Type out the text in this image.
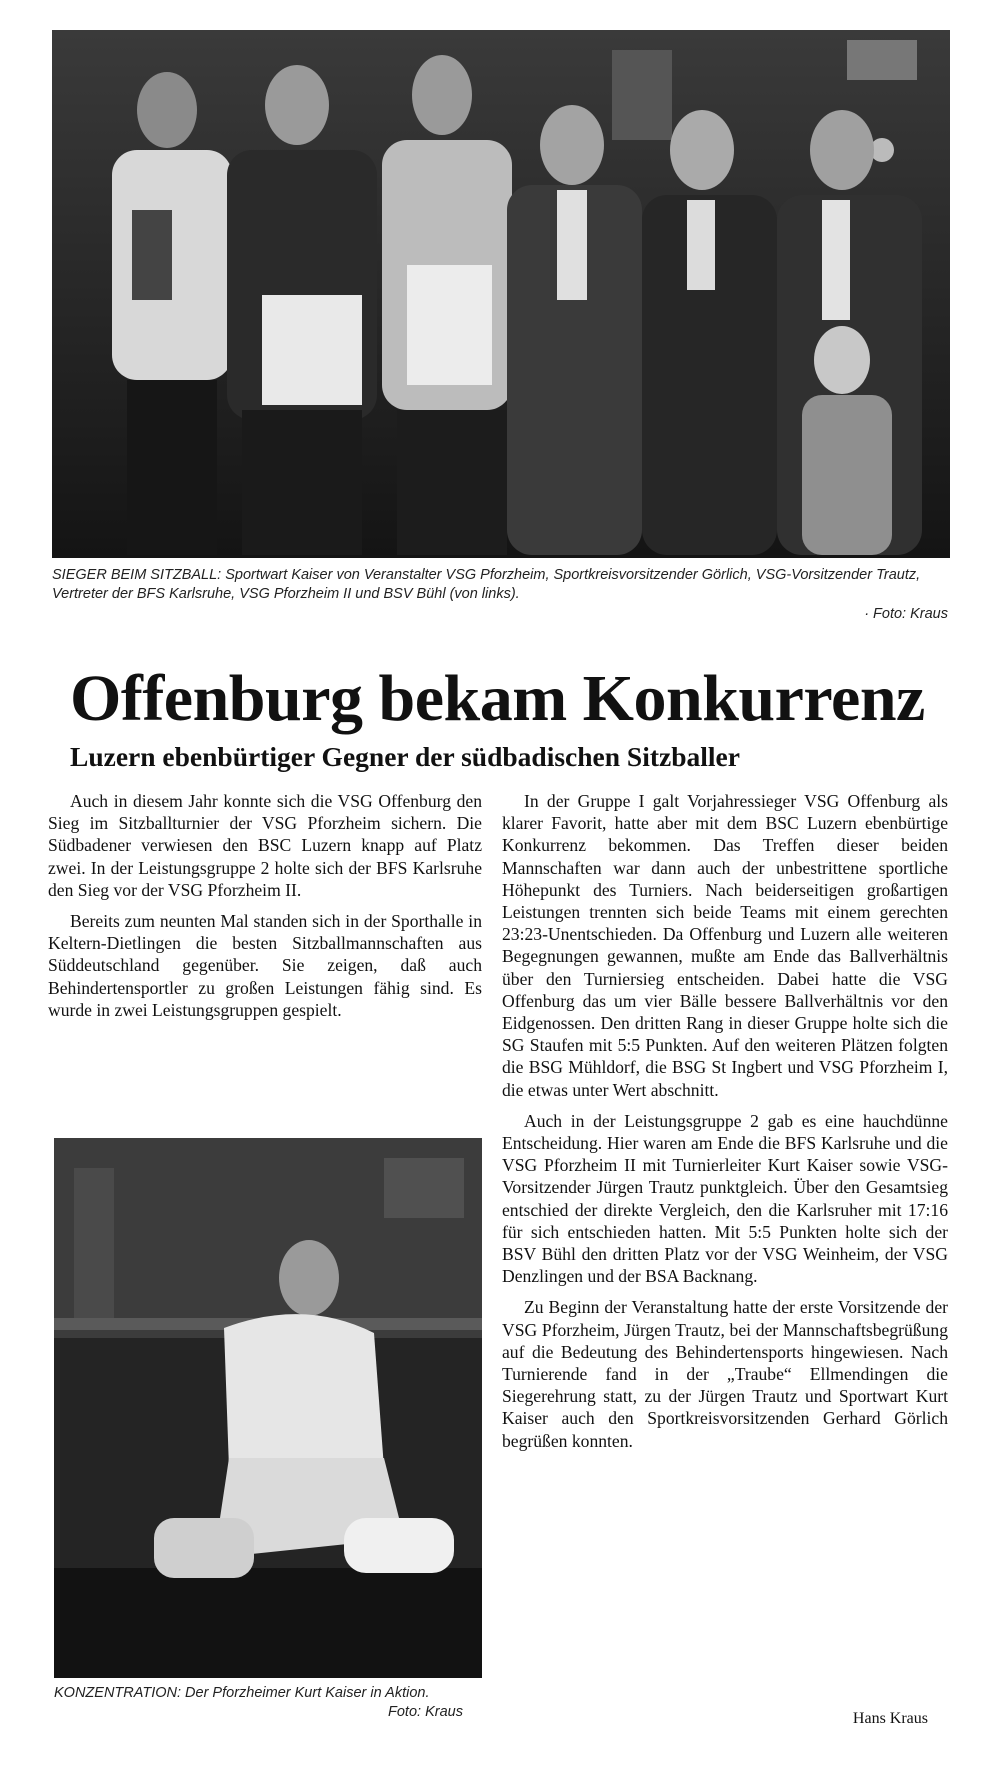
SIEGER BEIM SITZBALL: Sportwart Kaiser von Veranstalter VSG Pforzheim, Sportkreisvorsitzender Görlich, VSG-Vorsitzender Trautz, Vertreter der BFS Karlsruhe, VSG Pforzheim II und BSV Bühl (von links).
· Foto: Kraus
Offenburg bekam Konkurrenz
Luzern ebenbürtiger Gegner der südbadischen Sitzballer

Auch in diesem Jahr konnte sich die VSG Offenburg den Sieg im Sitzballturnier der VSG Pforzheim sichern. Die Südbadener verwiesen den BSC Luzern knapp auf Platz zwei. In der Leistungsgruppe 2 holte sich der BFS Karlsruhe den Sieg vor der VSG Pforzheim II.

Bereits zum neunten Mal standen sich in der Sporthalle in Keltern-Dietlingen die besten Sitzballmannschaften aus Süddeutschland gegenüber. Sie zeigen, daß auch Behindertensportler zu großen Leistungen fähig sind. Es wurde in zwei Leistungsgruppen gespielt.

KONZENTRATION: Der Pforzheimer Kurt Kaiser in Aktion.
Foto: Kraus

In der Gruppe I galt Vorjahressieger VSG Offenburg als klarer Favorit, hatte aber mit dem BSC Luzern ebenbürtige Konkurrenz bekommen. Das Treffen dieser beiden Mannschaften war dann auch der unbestrittene sportliche Höhepunkt des Turniers. Nach beiderseitigen großartigen Leistungen trennten sich beide Teams mit einem gerechten 23:23-Unentschieden. Da Offenburg und Luzern alle weiteren Begegnungen gewannen, mußte am Ende das Ballverhältnis über den Turniersieg entscheiden. Dabei hatte die VSG Offenburg das um vier Bälle bessere Ballverhältnis vor den Eidgenossen. Den dritten Rang in dieser Gruppe holte sich die SG Staufen mit 5:5 Punkten. Auf den weiteren Plätzen folgten die BSG Mühldorf, die BSG St Ingbert und VSG Pforzheim I, die etwas unter Wert abschnitt.

Auch in der Leistungsgruppe 2 gab es eine hauchdünne Entscheidung. Hier waren am Ende die BFS Karlsruhe und die VSG Pforzheim II mit Turnierleiter Kurt Kaiser sowie VSG-Vorsitzender Jürgen Trautz punktgleich. Über den Gesamtsieg entschied der direkte Vergleich, den die Karlsruher mit 17:16 für sich entschieden hatten. Mit 5:5 Punkten holte sich der BSV Bühl den dritten Platz vor der VSG Weinheim, der VSG Denzlingen und der BSA Backnang.

Zu Beginn der Veranstaltung hatte der erste Vorsitzende der VSG Pforzheim, Jürgen Trautz, bei der Mannschaftsbegrüßung auf die Bedeutung des Behindertensports hingewiesen. Nach Turnierende fand in der „Traube“ Ellmendingen die Siegerehrung statt, zu der Jürgen Trautz und Sportwart Kurt Kaiser auch den Sportkreisvorsitzenden Gerhard Görlich begrüßen konnten.

Hans Kraus
